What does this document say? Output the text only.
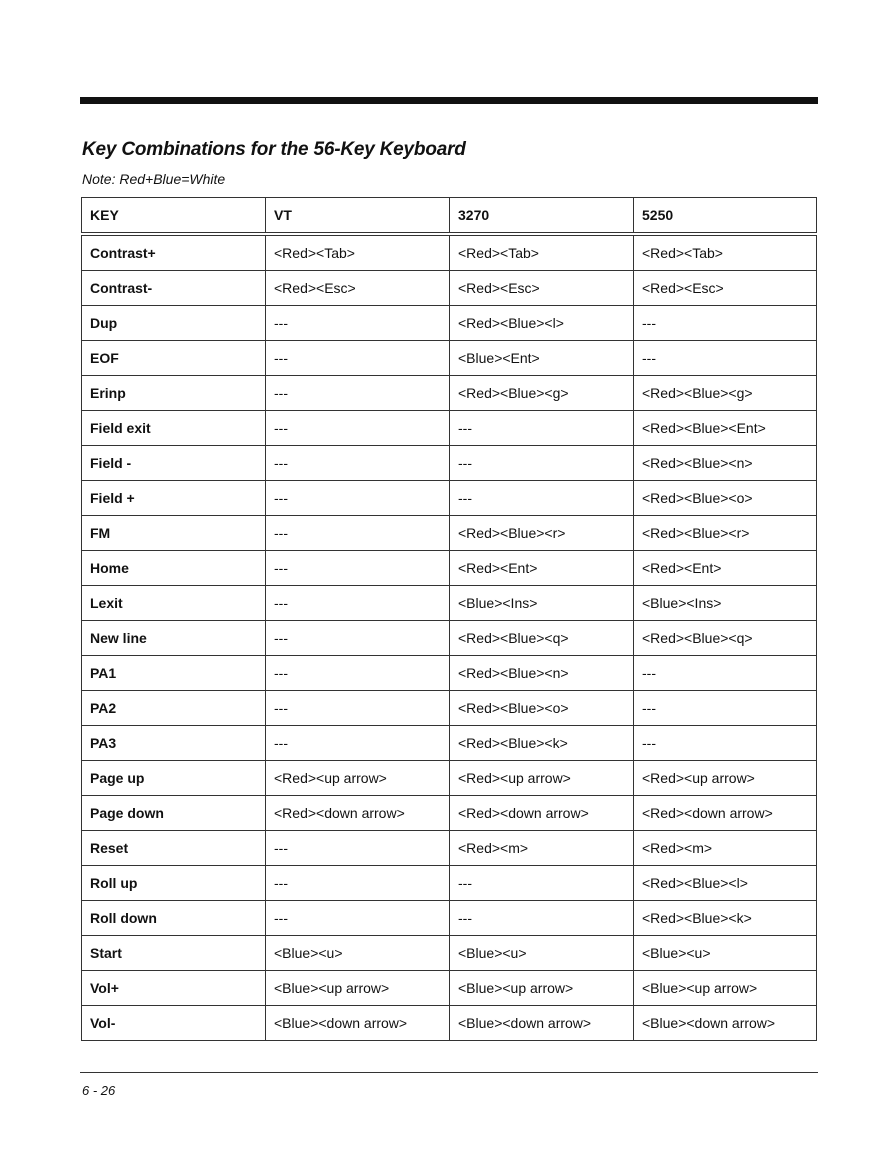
Key Combinations for the 56-Key Keyboard
Note: Red+Blue=White
KEY	VT	3270	5250
Contrast+	<Red><Tab>	<Red><Tab>	<Red><Tab>
Contrast-	<Red><Esc>	<Red><Esc>	<Red><Esc>
Dup	---	<Red><Blue><l>	---
EOF	---	<Blue><Ent>	---
Erinp	---	<Red><Blue><g>	<Red><Blue><g>
Field exit	---	---	<Red><Blue><Ent>
Field -	---	---	<Red><Blue><n>
Field +	---	---	<Red><Blue><o>
FM	---	<Red><Blue><r>	<Red><Blue><r>
Home	---	<Red><Ent>	<Red><Ent>
Lexit	---	<Blue><Ins>	<Blue><Ins>
New line	---	<Red><Blue><q>	<Red><Blue><q>
PA1	---	<Red><Blue><n>	---
PA2	---	<Red><Blue><o>	---
PA3	---	<Red><Blue><k>	---
Page up	<Red><up arrow>	<Red><up arrow>	<Red><up arrow>
Page down	<Red><down arrow>	<Red><down arrow>	<Red><down arrow>
Reset	---	<Red><m>	<Red><m>
Roll up	---	---	<Red><Blue><l>
Roll down	---	---	<Red><Blue><k>
Start	<Blue><u>	<Blue><u>	<Blue><u>
Vol+	<Blue><up arrow>	<Blue><up arrow>	<Blue><up arrow>
Vol-	<Blue><down arrow>	<Blue><down arrow>	<Blue><down arrow>
6 - 26
